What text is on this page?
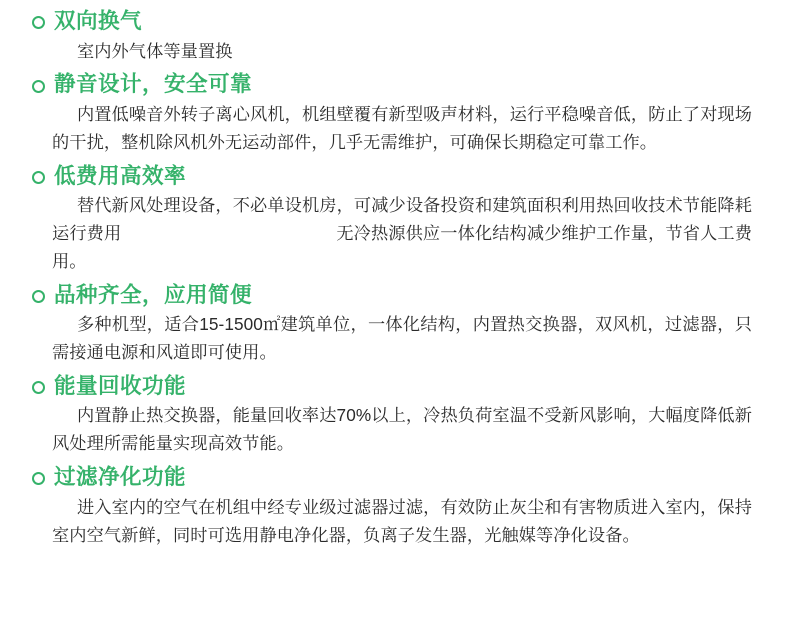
双向换气

室内外气体等量置换

静音设计，安全可靠

内置低噪音外转子离心风机，机组壁覆有新型吸声材料，运行平稳噪音低，防止了对现场的干扰，整机除风机外无运动部件，几乎无需维护，可确保长期稳定可靠工作。

低费用高效率

替代新风处理设备，不必单设机房，可减少设备投资和建筑面积利用热回收技术节能降耗运行费用	无冷热源供应一体化结构减少维护工作量，节省人工费用。

品种齐全，应用简便

多种机型，适合15-1500㎡建筑单位，一体化结构，内置热交换器，双风机，过滤器，只需接通电源和风道即可使用。

能量回收功能

内置静止热交换器，能量回收率达70%以上，冷热负荷室温不受新风影响，大幅度降低新风处理所需能量实现高效节能。

过滤净化功能

进入室内的空气在机组中经专业级过滤器过滤，有效防止灰尘和有害物质进入室内，保持室内空气新鲜，同时可选用静电净化器，负离子发生器，光触媒等净化设备。
